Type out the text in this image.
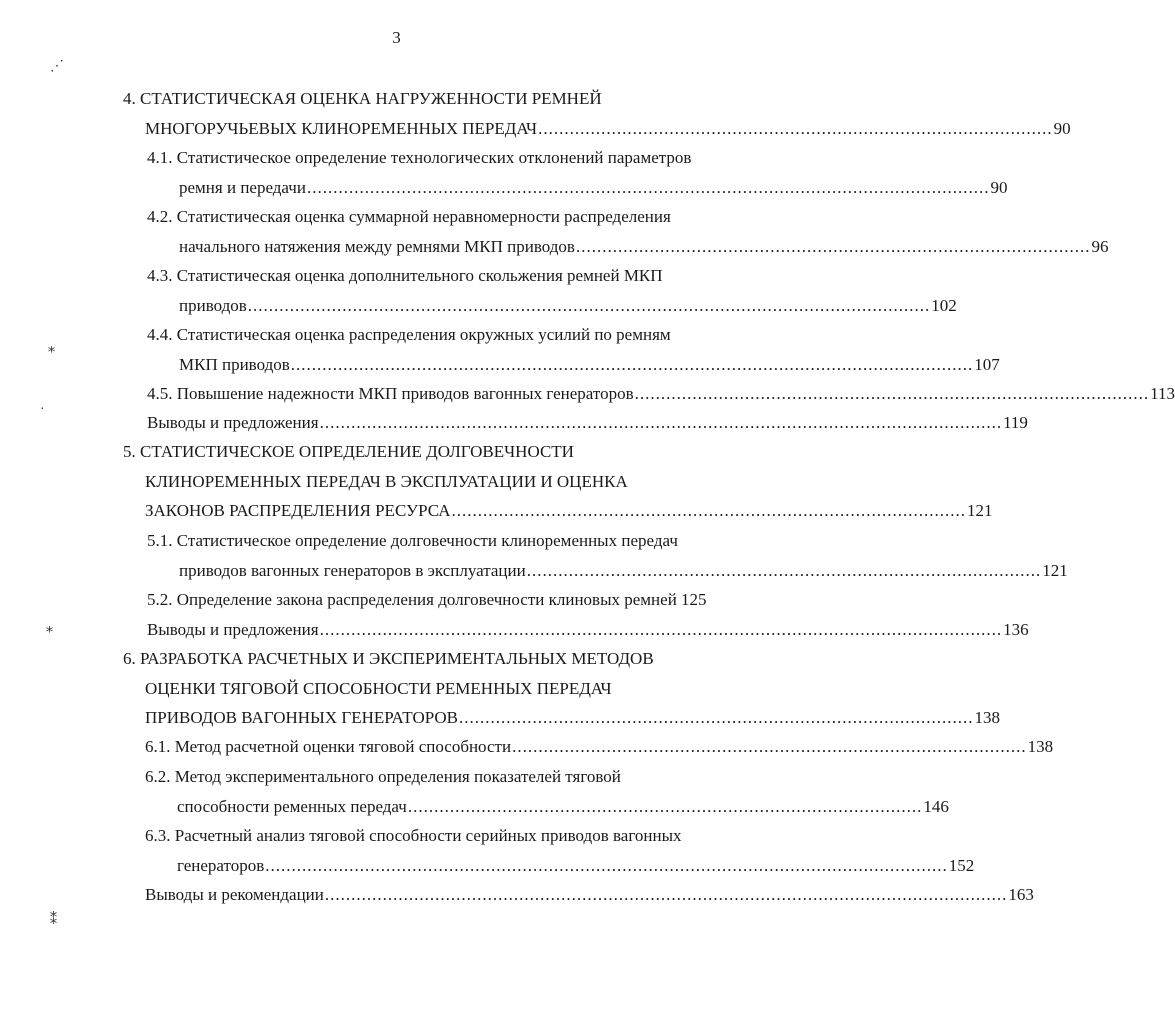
3
4. СТАТИСТИЧЕСКАЯ ОЦЕНКА НАГРУЖЕННОСТИ РЕМНЕЙ
МНОГОРУЧЬЕВЫХ КЛИНОРЕМЕННЫХ ПЕРЕДАЧ .................................................................................................. 90
4.1. Статистическое определение технологических отклонений параметров
ремня и передачи .................................................................................................................................. 90
4.2. Статистическая оценка суммарной неравномерности распределения
начального натяжения между ремнями МКП приводов .................................................................................................. 96
4.3. Статистическая оценка дополнительного скольжения ремней МКП
приводов .................................................................................................................................. 102
4.4. Статистическая оценка распределения окружных усилий по ремням
МКП приводов .................................................................................................................................. 107
4.5. Повышение надежности МКП приводов вагонных генераторов .................................................................................................. 113
Выводы и предложения .................................................................................................................................. 119
5. СТАТИСТИЧЕСКОЕ ОПРЕДЕЛЕНИЕ ДОЛГОВЕЧНОСТИ
КЛИНОРЕМЕННЫХ ПЕРЕДАЧ В ЭКСПЛУАТАЦИИ И ОЦЕНКА
ЗАКОНОВ РАСПРЕДЕЛЕНИЯ РЕСУРСА .................................................................................................. 121
5.1. Статистическое определение долговечности клиноременных передач
приводов вагонных генераторов в эксплуатации .................................................................................................. 121
5.2. Определение закона распределения долговечности клиновых ремней 125
Выводы и предложения .................................................................................................................................. 136
6. РАЗРАБОТКА РАСЧЕТНЫХ И ЭКСПЕРИМЕНТАЛЬНЫХ МЕТОДОВ
ОЦЕНКИ ТЯГОВОЙ СПОСОБНОСТИ РЕМЕННЫХ ПЕРЕДАЧ
ПРИВОДОВ ВАГОННЫХ ГЕНЕРАТОРОВ .................................................................................................. 138
6.1. Метод расчетной оценки тяговой способности .................................................................................................. 138
6.2. Метод экспериментального определения показателей тяговой
способности ременных передач .................................................................................................. 146
6.3. Расчетный анализ тяговой способности серийных приводов вагонных
генераторов .................................................................................................................................. 152
Выводы и рекомендации .................................................................................................................................. 163
⋰
⁎
·
⁎
⁑
